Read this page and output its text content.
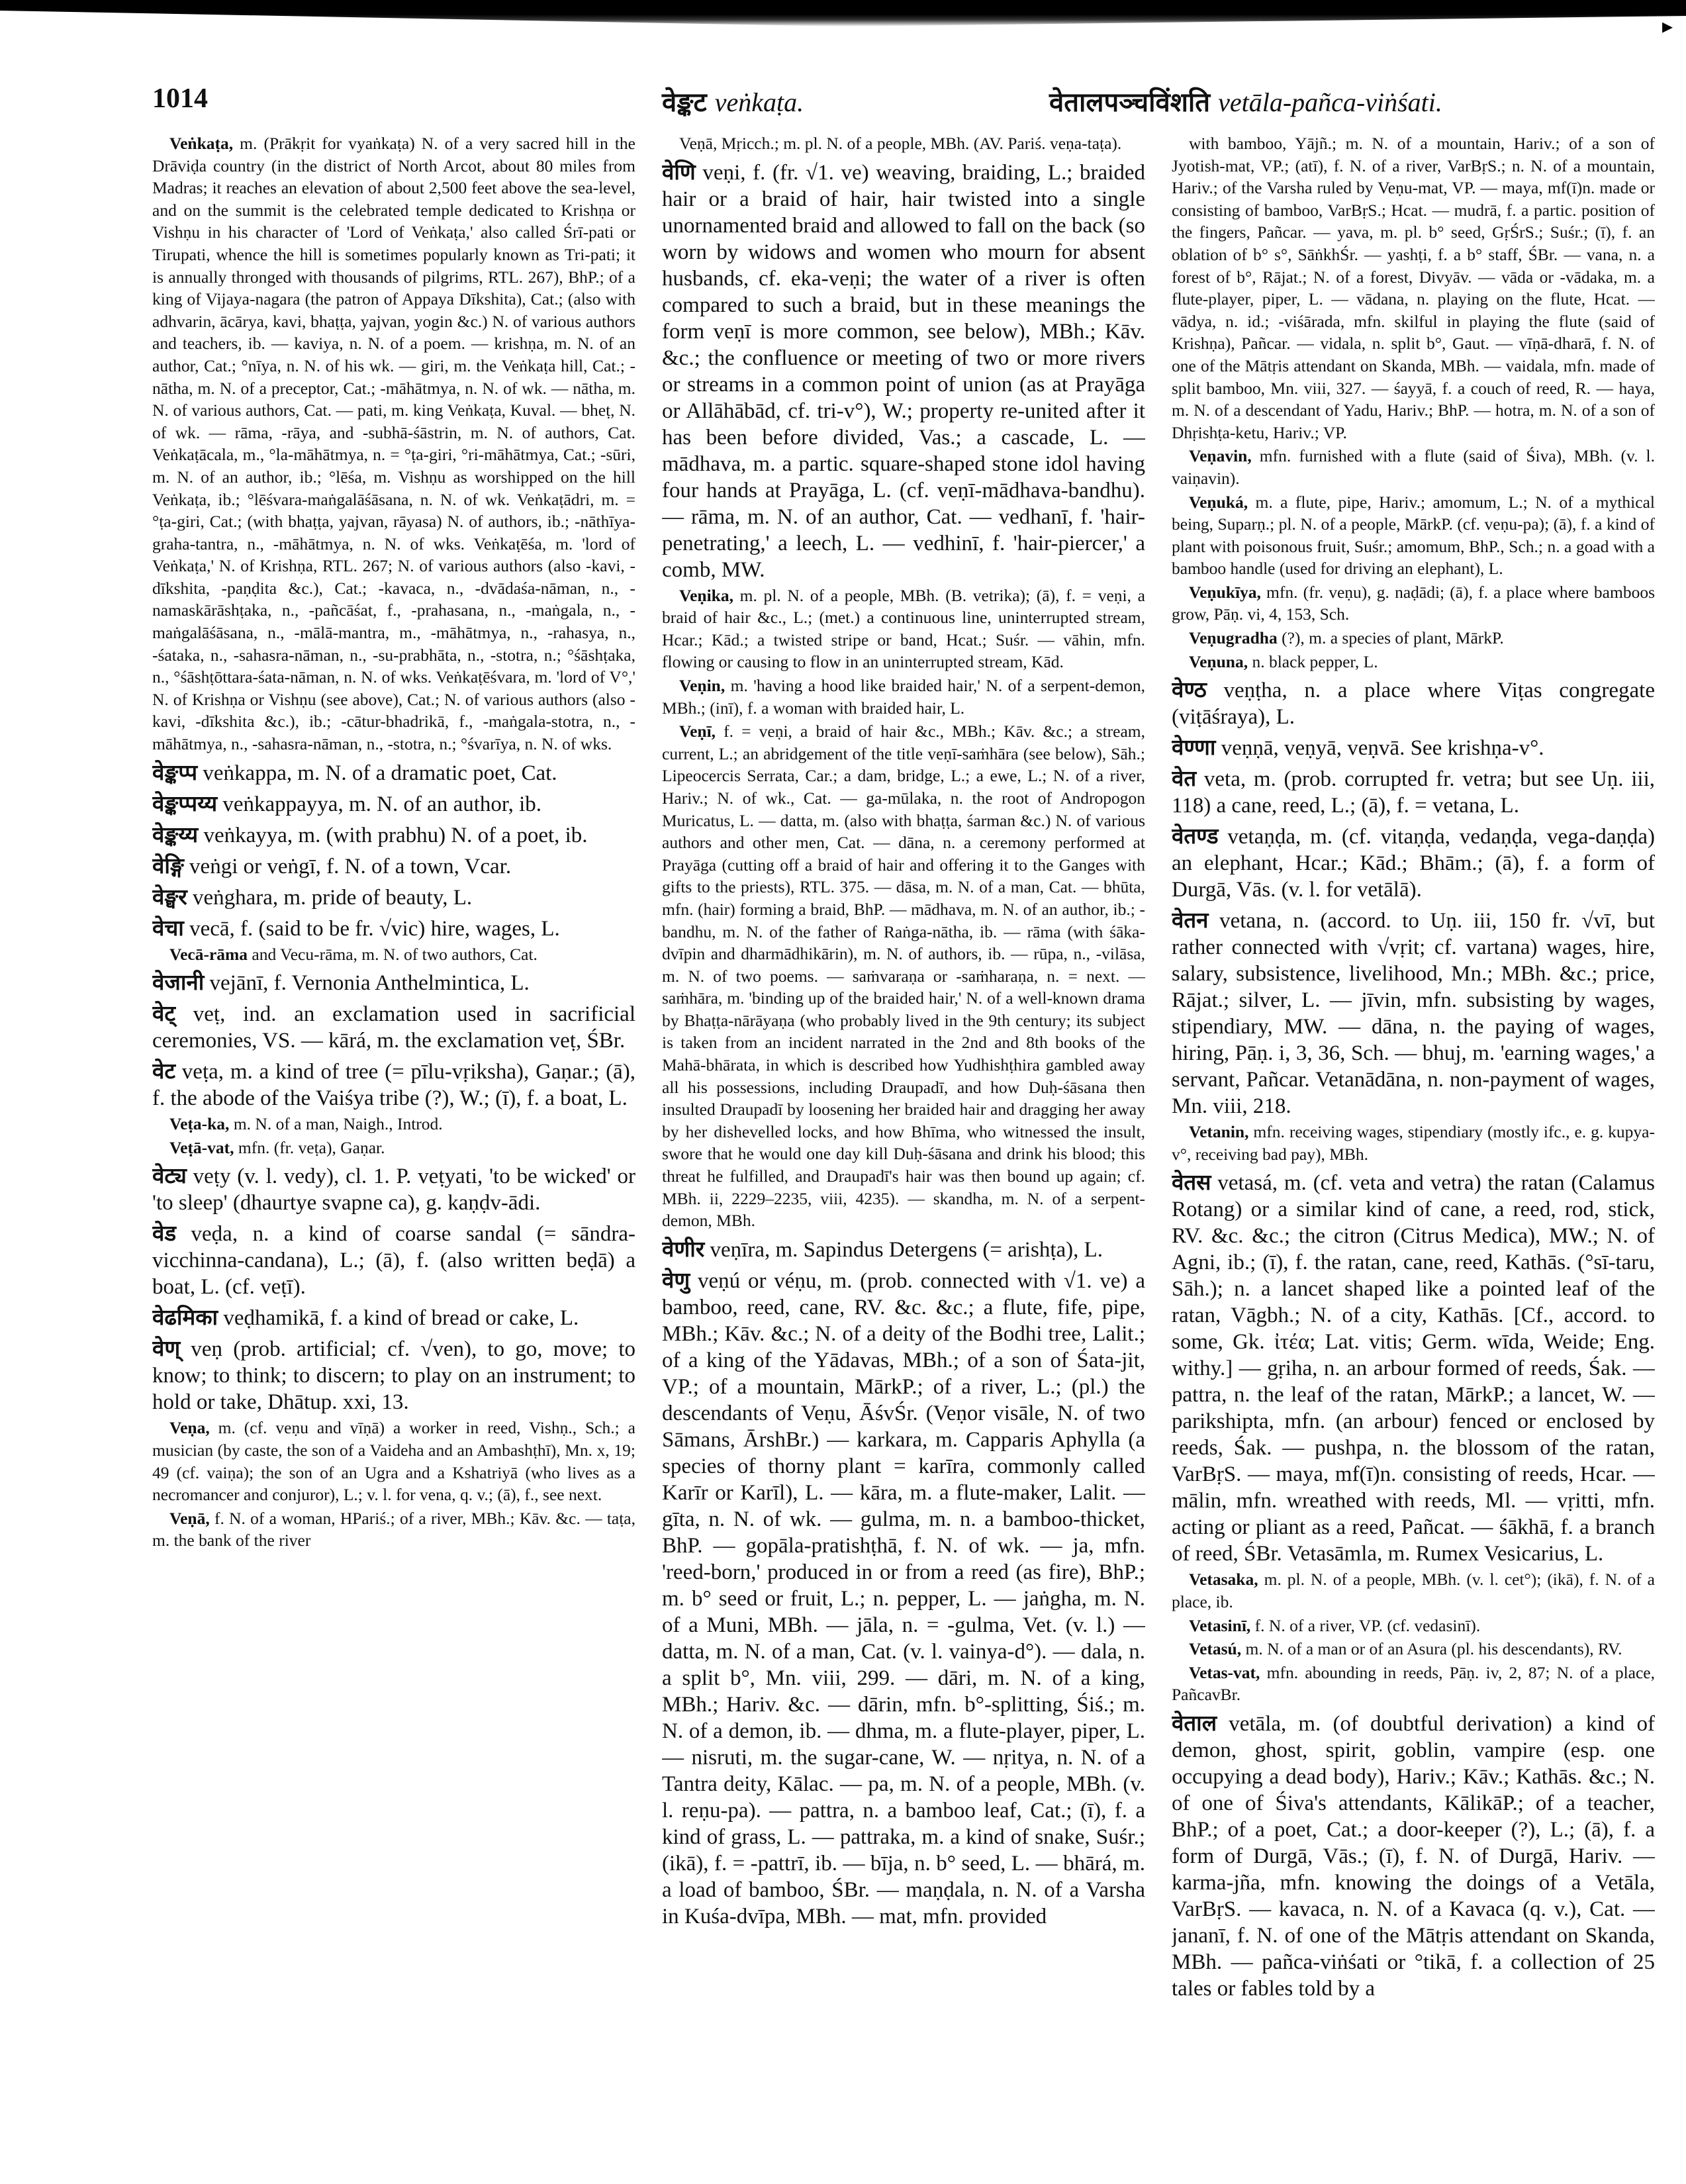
▸
1014	वेङ्कट veṅkaṭa.	वेतालपञ्चविंशति vetāla-pañca-viṅśati.

Veṅkaṭa, m. (Prākṛit for vyaṅkaṭa) N. of a very sacred hill in the Drāviḍa country (in the district of North Arcot, about 80 miles from Madras; it reaches an elevation of about 2,500 feet above the sea-level, and on the summit is the celebrated temple dedicated to Krishṇa or Vishṇu in his character of 'Lord of Veṅkaṭa,' also called Śrī-pati or Tirupati, whence the hill is sometimes popularly known as Tri-pati; it is annually thronged with thousands of pilgrims, RTL. 267), BhP.; of a king of Vijaya-nagara (the patron of Appaya Dīkshita), Cat.; (also with adhvarin, ācārya, kavi, bhaṭṭa, yajvan, yogin &c.) N. of various authors and teachers, ib. — kaviya, n. N. of a poem. — krishṇa, m. N. of an author, Cat.; °nīya, n. N. of his wk. — giri, m. the Veṅkaṭa hill, Cat.; -nātha, m. N. of a preceptor, Cat.; -māhātmya, n. N. of wk. — nātha, m. N. of various authors, Cat. — pati, m. king Veṅkaṭa, Kuval. — bheṭ, N. of wk. — rāma, -rāya, and -subhā-śāstrin, m. N. of authors, Cat. Veṅkaṭācala, m., °la-māhātmya, n. = °ṭa-giri, °ri-māhātmya, Cat.; -sūri, m. N. of an author, ib.; °lēśa, m. Vishṇu as worshipped on the hill Veṅkaṭa, ib.; °lēśvara-maṅgalāśāsana, n. N. of wk. Veṅkaṭādri, m. = °ṭa-giri, Cat.; (with bhaṭṭa, yajvan, rāyasa) N. of authors, ib.; -nāthīya-graha-tantra, n., -māhātmya, n. N. of wks. Veṅkaṭēśa, m. 'lord of Veṅkaṭa,' N. of Krishṇa, RTL. 267; N. of various authors (also -kavi, -dīkshita, -paṇḍita &c.), Cat.; -kavaca, n., -dvādaśa-nāman, n., -namaskārāshṭaka, n., -pañcāśat, f., -prahasana, n., -maṅgala, n., -maṅgalāśāsana, n., -mālā-mantra, m., -māhātmya, n., -rahasya, n., -śataka, n., -sahasra-nāman, n., -su-prabhāta, n., -stotra, n.; °śāshṭaka, n., °śāshṭōttara-śata-nāman, n. N. of wks. Veṅkaṭēśvara, m. 'lord of V°,' N. of Krishṇa or Vishṇu (see above), Cat.; N. of various authors (also -kavi, -dīkshita &c.), ib.; -cātur-bhadrikā, f., -maṅgala-stotra, n., -māhātmya, n., -sahasra-nāman, n., -stotra, n.; °śvarīya, n. N. of wks.

वेङ्कप्प veṅkappa, m. N. of a dramatic poet, Cat.

वेङ्कप्पय्य veṅkappayya, m. N. of an author, ib.

वेङ्कय्य veṅkayya, m. (with prabhu) N. of a poet, ib.

वेङ्गि veṅgi or veṅgī, f. N. of a town, Vcar.

वेङ्घर veṅghara, m. pride of beauty, L.

वेचा vecā, f. (said to be fr. √vic) hire, wages, L.

Vecā-rāma and Vecu-rāma, m. N. of two authors, Cat.

वेजानी vejānī, f. Vernonia Anthelmintica, L.

वेट् veṭ, ind. an exclamation used in sacrificial ceremonies, VS. — kārá, m. the exclamation veṭ, ŚBr.

वेट veṭa, m. a kind of tree (= pīlu-vṛiksha), Gaṇar.; (ā), f. the abode of the Vaiśya tribe (?), W.; (ī), f. a boat, L.

Veṭa-ka, m. N. of a man, Naigh., Introd.

Veṭā-vat, mfn. (fr. veṭa), Gaṇar.

वेट्य veṭy (v. l. vedy), cl. 1. P. veṭyati, 'to be wicked' or 'to sleep' (dhaurtye svapne ca), g. kaṇḍv-ādi.

वेड veḍa, n. a kind of coarse sandal (= sāndra-vicchinna-candana), L.; (ā), f. (also written beḍā) a boat, L. (cf. veṭī).

वेढमिका veḍhamikā, f. a kind of bread or cake, L.

वेण् veṇ (prob. artificial; cf. √ven), to go, move; to know; to think; to discern; to play on an instrument; to hold or take, Dhātup. xxi, 13.

Veṇa, m. (cf. veṇu and vīṇā) a worker in reed, Vishṇ., Sch.; a musician (by caste, the son of a Vaideha and an Ambashṭhī), Mn. x, 19; 49 (cf. vaiṇa); the son of an Ugra and a Kshatriyā (who lives as a necromancer and conjuror), L.; v. l. for vena, q. v.; (ā), f., see next.

Veṇā, f. N. of a woman, HPariś.; of a river, MBh.; Kāv. &c. — taṭa, m. the bank of the river

Veṇā, Mṛicch.; m. pl. N. of a people, MBh. (AV. Pariś. veṇa-taṭa).

वेणि veṇi, f. (fr. √1. ve) weaving, braiding, L.; braided hair or a braid of hair, hair twisted into a single unornamented braid and allowed to fall on the back (so worn by widows and women who mourn for absent husbands, cf. eka-veṇi; the water of a river is often compared to such a braid, but in these meanings the form veṇī is more common, see below), MBh.; Kāv. &c.; the confluence or meeting of two or more rivers or streams in a common point of union (as at Prayāga or Allāhābād, cf. tri-v°), W.; property re-united after it has been before divided, Vas.; a cascade, L. — mādhava, m. a partic. square-shaped stone idol having four hands at Prayāga, L. (cf. veṇī-mādhava-bandhu). — rāma, m. N. of an author, Cat. — vedhanī, f. 'hair-penetrating,' a leech, L. — vedhinī, f. 'hair-piercer,' a comb, MW.

Veṇika, m. pl. N. of a people, MBh. (B. vetrika); (ā), f. = veṇi, a braid of hair &c., L.; (met.) a continuous line, uninterrupted stream, Hcar.; Kād.; a twisted stripe or band, Hcat.; Suśr. — vāhin, mfn. flowing or causing to flow in an uninterrupted stream, Kād.

Veṇin, m. 'having a hood like braided hair,' N. of a serpent-demon, MBh.; (inī), f. a woman with braided hair, L.

Veṇī, f. = veṇi, a braid of hair &c., MBh.; Kāv. &c.; a stream, current, L.; an abridgement of the title veṇī-saṁhāra (see below), Sāh.; Lipeocercis Serrata, Car.; a dam, bridge, L.; a ewe, L.; N. of a river, Hariv.; N. of wk., Cat. — ga-mūlaka, n. the root of Andropogon Muricatus, L. — datta, m. (also with bhaṭṭa, śarman &c.) N. of various authors and other men, Cat. — dāna, n. a ceremony performed at Prayāga (cutting off a braid of hair and offering it to the Ganges with gifts to the priests), RTL. 375. — dāsa, m. N. of a man, Cat. — bhūta, mfn. (hair) forming a braid, BhP. — mādhava, m. N. of an author, ib.; -bandhu, m. N. of the father of Raṅga-nātha, ib. — rāma (with śāka-dvīpin and dharmādhikārin), m. N. of authors, ib. — rūpa, n., -vilāsa, m. N. of two poems. — saṁvaraṇa or -saṁharaṇa, n. = next. — saṁhāra, m. 'binding up of the braided hair,' N. of a well-known drama by Bhaṭṭa-nārāyaṇa (who probably lived in the 9th century; its subject is taken from an incident narrated in the 2nd and 8th books of the Mahā-bhārata, in which is described how Yudhishṭhira gambled away all his possessions, including Draupadī, and how Duḥ-śāsana then insulted Draupadī by loosening her braided hair and dragging her away by her dishevelled locks, and how Bhīma, who witnessed the insult, swore that he would one day kill Duḥ-śāsana and drink his blood; this threat he fulfilled, and Draupadī's hair was then bound up again; cf. MBh. ii, 2229–2235, viii, 4235). — skandha, m. N. of a serpent-demon, MBh.

वेणीर veṇīra, m. Sapindus Detergens (= arishṭa), L.

वेणु veṇú or véṇu, m. (prob. connected with √1. ve) a bamboo, reed, cane, RV. &c. &c.; a flute, fife, pipe, MBh.; Kāv. &c.; N. of a deity of the Bodhi tree, Lalit.; of a king of the Yādavas, MBh.; of a son of Śata-jit, VP.; of a mountain, MārkP.; of a river, L.; (pl.) the descendants of Veṇu, ĀśvŚr. (Veṇor visāle, N. of two Sāmans, ĀrshBr.) — karkara, m. Capparis Aphylla (a species of thorny plant = karīra, commonly called Karīr or Karīl), L. — kāra, m. a flute-maker, Lalit. — gīta, n. N. of wk. — gulma, m. n. a bamboo-thicket, BhP. — gopāla-pratishṭhā, f. N. of wk. — ja, mfn. 'reed-born,' produced in or from a reed (as fire), BhP.; m. b° seed or fruit, L.; n. pepper, L. — jaṅgha, m. N. of a Muni, MBh. — jāla, n. = -gulma, Vet. (v. l.) — datta, m. N. of a man, Cat. (v. l. vainya-d°). — dala, n. a split b°, Mn. viii, 299. — dāri, m. N. of a king, MBh.; Hariv. &c. — dārin, mfn. b°-splitting, Śiś.; m. N. of a demon, ib. — dhma, m. a flute-player, piper, L. — nisruti, m. the sugar-cane, W. — nṛitya, n. N. of a Tantra deity, Kālac. — pa, m. N. of a people, MBh. (v. l. reṇu-pa). — pattra, n. a bamboo leaf, Cat.; (ī), f. a kind of grass, L. — pattraka, m. a kind of snake, Suśr.; (ikā), f. = -pattrī, ib. — bīja, n. b° seed, L. — bhārá, m. a load of bamboo, ŚBr. — maṇḍala, n. N. of a Varsha in Kuśa-dvīpa, MBh. — mat, mfn. provided

with bamboo, Yājñ.; m. N. of a mountain, Hariv.; of a son of Jyotish-mat, VP.; (atī), f. N. of a river, VarBṛS.; n. N. of a mountain, Hariv.; of the Varsha ruled by Veṇu-mat, VP. — maya, mf(ī)n. made or consisting of bamboo, VarBṛS.; Hcat. — mudrā, f. a partic. position of the fingers, Pañcar. — yava, m. pl. b° seed, GṛŚrS.; Suśr.; (ī), f. an oblation of b° s°, SāṅkhŚr. — yashṭi, f. a b° staff, ŚBr. — vana, n. a forest of b°, Rājat.; N. of a forest, Divyāv. — vāda or -vādaka, m. a flute-player, piper, L. — vādana, n. playing on the flute, Hcat. — vādya, n. id.; -viśārada, mfn. skilful in playing the flute (said of Krishṇa), Pañcar. — vidala, n. split b°, Gaut. — vīṇā-dharā, f. N. of one of the Mātṛis attendant on Skanda, MBh. — vaidala, mfn. made of split bamboo, Mn. viii, 327. — śayyā, f. a couch of reed, R. — haya, m. N. of a descendant of Yadu, Hariv.; BhP. — hotra, m. N. of a son of Dhṛishṭa-ketu, Hariv.; VP.

Veṇavin, mfn. furnished with a flute (said of Śiva), MBh. (v. l. vaiṇavin).

Veṇuká, m. a flute, pipe, Hariv.; amomum, L.; N. of a mythical being, Suparṇ.; pl. N. of a people, MārkP. (cf. veṇu-pa); (ā), f. a kind of plant with poisonous fruit, Suśr.; amomum, BhP., Sch.; n. a goad with a bamboo handle (used for driving an elephant), L.

Veṇukīya, mfn. (fr. veṇu), g. naḍādi; (ā), f. a place where bamboos grow, Pāṇ. vi, 4, 153, Sch.

Veṇugradha (?), m. a species of plant, MārkP.

Veṇuna, n. black pepper, L.

वेण्ठ veṇṭha, n. a place where Viṭas congregate (viṭāśraya), L.

वेण्णा veṇṇā, veṇyā, veṇvā. See krishṇa-v°.

वेत veta, m. (prob. corrupted fr. vetra; but see Uṇ. iii, 118) a cane, reed, L.; (ā), f. = vetana, L.

वेतण्ड vetaṇḍa, m. (cf. vitaṇḍa, vedaṇḍa, vega-daṇḍa) an elephant, Hcar.; Kād.; Bhām.; (ā), f. a form of Durgā, Vās. (v. l. for vetālā).

वेतन vetana, n. (accord. to Uṇ. iii, 150 fr. √vī, but rather connected with √vṛit; cf. vartana) wages, hire, salary, subsistence, livelihood, Mn.; MBh. &c.; price, Rājat.; silver, L. — jīvin, mfn. subsisting by wages, stipendiary, MW. — dāna, n. the paying of wages, hiring, Pāṇ. i, 3, 36, Sch. — bhuj, m. 'earning wages,' a servant, Pañcar. Vetanādāna, n. non-payment of wages, Mn. viii, 218.

Vetanin, mfn. receiving wages, stipendiary (mostly ifc., e. g. kupya-v°, receiving bad pay), MBh.

वेतस vetasá, m. (cf. veta and vetra) the ratan (Calamus Rotang) or a similar kind of cane, a reed, rod, stick, RV. &c. &c.; the citron (Citrus Medica), MW.; N. of Agni, ib.; (ī), f. the ratan, cane, reed, Kathās. (°sī-taru, Sāh.); n. a lancet shaped like a pointed leaf of the ratan, Vāgbh.; N. of a city, Kathās. [Cf., accord. to some, Gk. ἰτέα; Lat. vitis; Germ. wīda, Weide; Eng. withy.] — gṛiha, n. an arbour formed of reeds, Śak. — pattra, n. the leaf of the ratan, MārkP.; a lancet, W. — parikshipta, mfn. (an arbour) fenced or enclosed by reeds, Śak. — pushpa, n. the blossom of the ratan, VarBṛS. — maya, mf(ī)n. consisting of reeds, Hcar. — mālin, mfn. wreathed with reeds, Ml. — vṛitti, mfn. acting or pliant as a reed, Pañcat. — śākhā, f. a branch of reed, ŚBr. Vetasāmla, m. Rumex Vesicarius, L.

Vetasaka, m. pl. N. of a people, MBh. (v. l. cet°); (ikā), f. N. of a place, ib.

Vetasinī, f. N. of a river, VP. (cf. vedasinī).

Vetasú, m. N. of a man or of an Asura (pl. his descendants), RV.

Vetas-vat, mfn. abounding in reeds, Pāṇ. iv, 2, 87; N. of a place, PañcavBr.

वेताल vetāla, m. (of doubtful derivation) a kind of demon, ghost, spirit, goblin, vampire (esp. one occupying a dead body), Hariv.; Kāv.; Kathās. &c.; N. of one of Śiva's attendants, KālikāP.; of a teacher, BhP.; of a poet, Cat.; a door-keeper (?), L.; (ā), f. a form of Durgā, Vās.; (ī), f. N. of Durgā, Hariv. — karma-jña, mfn. knowing the doings of a Vetāla, VarBṛS. — kavaca, n. N. of a Kavaca (q. v.), Cat. — jananī, f. N. of one of the Mātṛis attendant on Skanda, MBh. — pañca-viṅśati or °tikā, f. a collection of 25 tales or fables told by a
